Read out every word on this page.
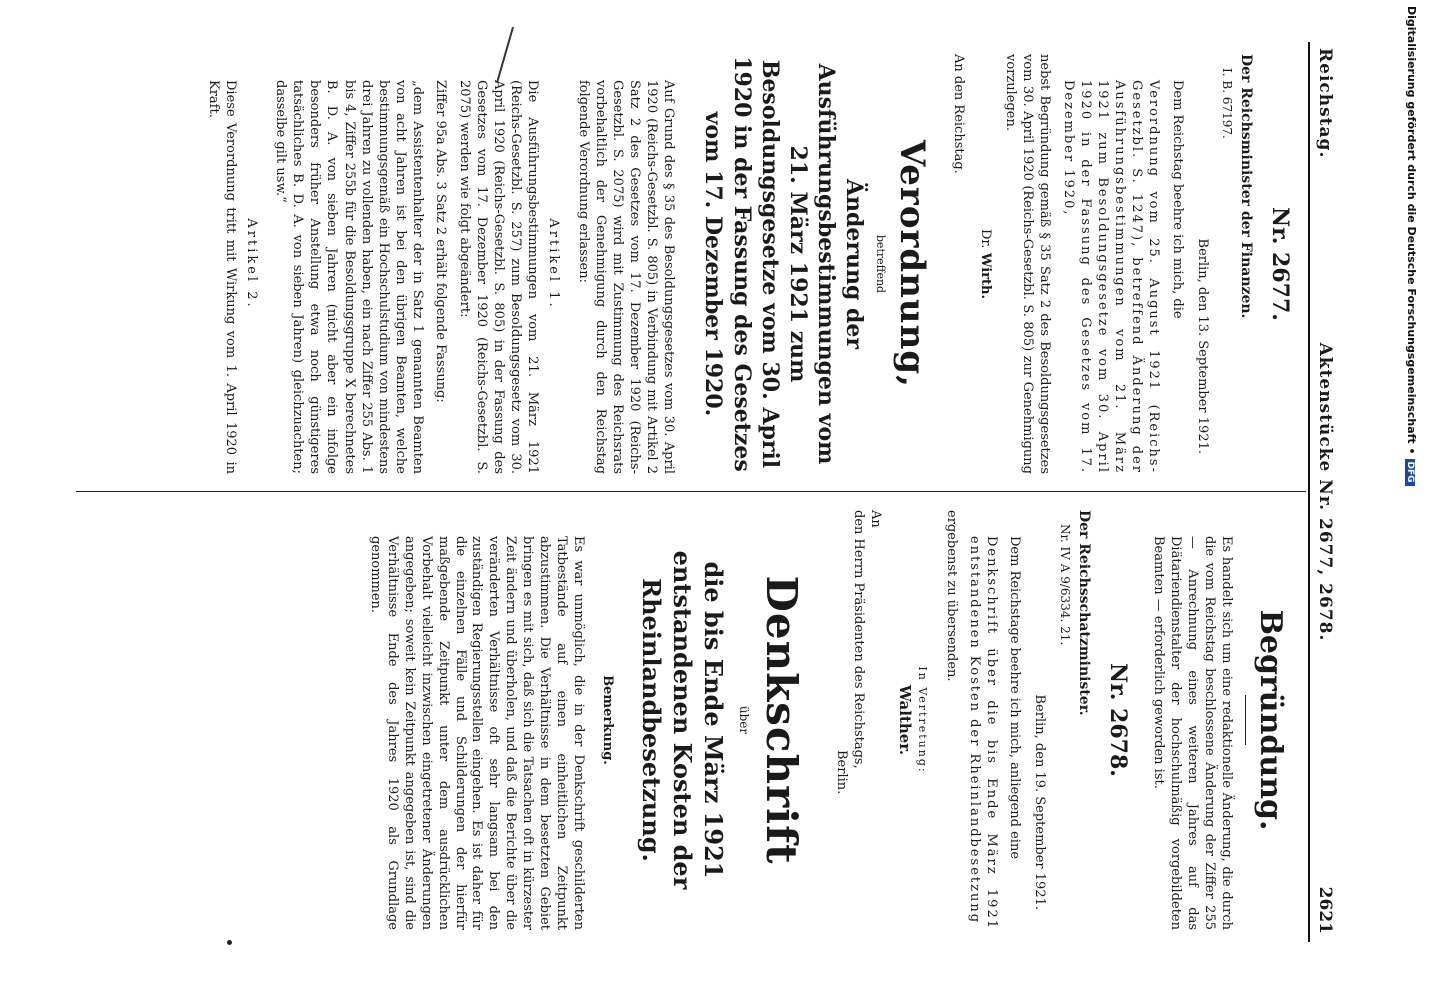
Reichstag.
Aktenstücke Nr. 2677, 2678.
2621
Nr. 2677.

Der Reichsminister der Finanzen.

I. B. 67197.

Berlin, den 13. September 1921.

Dem Reichstag beehre ich mich, die

Verordnung vom 25. August 1921 (Reichs-Gesetzbl. S. 1247), betreffend Änderung der Ausführungsbestimmungen vom 21. März 1921 zum Besoldungsgesetze vom 30. April 1920 in der Fassung des Gesetzes vom 17. Dezember 1920,

nebst Begründung gemäß § 35 Satz 2 des Besoldungsgesetzes vom 30. April 1920 (Reichs-Gesetzbl. S. 805) zur Genehmigung vorzulegen.

Dr. Wirth.

An den Reichstag.

Verordnung,
betreffend
Änderung der Ausführungsbestimmungen vom 21. März 1921 zum Besoldungsgesetze vom 30. April 1920 in der Fassung des Gesetzes vom 17. Dezember 1920.

Auf Grund des § 35 des Besoldungsgesetzes vom 30. April 1920 (Reichs-Gesetzbl. S. 805) in Verbindung mit Artikel 2 Satz 2 des Gesetzes vom 17. Dezember 1920 (Reichs-Gesetzbl. S. 2075) wird mit Zustimmung des Reichsrats vorbehaltlich der Genehmigung durch den Reichstag folgende Verordnung erlassen:

Artikel 1.

Die Ausführungsbestimmungen vom 21. März 1921 (Reichs-Gesetzbl. S. 257) zum Besoldungsgesetz vom 30. April 1920 (Reichs-Gesetzbl. S. 805) in der Fassung des Gesetzes vom 17. Dezember 1920 (Reichs-Gesetzbl. S. 2075) werden wie folgt abgeändert:

Ziffer 95a Abs. 3 Satz 2 erhält folgende Fassung:

„dem Assistentenhalter der in Satz 1 genannten Beamten von acht Jahren ist bei den übrigen Beamten, welche bestimmungsgemäß ein Hochschulstudium von mindestens drei Jahren zu vollenden haben, ein nach Ziffer 255 Abs. 1 bis 4, Ziffer 255b für die Besoldungsgruppe X berechnetes B. D. A. von sieben Jahren (nicht aber ein infolge besonders früher Anstellung etwa noch günstigeres tatsächliches B. D. A. von sieben Jahren) gleichzuachten; dasselbe gilt usw.“

Artikel 2.

Diese Verordnung tritt mit Wirkung vom 1. April 1920 in Kraft.

Begründung.

Es handelt sich um eine redaktionelle Änderung, die durch die vom Reichstag beschlossene Änderung der Ziffer 255 — Anrechnung eines weiteren Jahres auf das Diätariendienstalter der hochschulmäßig vorgebildeten Beamten — erforderlich geworden ist.

Nr. 2678.

Der Reichsschatzminister.

Nr. IV A 9/6334. 21.

Berlin, den 19. September 1921.

Dem Reichstage beehre ich mich, anliegend eine

Denkschrift über die bis Ende März 1921 entstandenen Kosten der Rheinlandbesetzung

ergebenst zu übersenden.

In Vertretung:
Walther.

An

den Herrn Präsidenten des Reichstags,

Berlin.

Denkschrift
über
die bis Ende März 1921 entstandenen Kosten der Rheinlandbesetzung.
Bemerkung.

Es war unmöglich, die in der Denkschrift geschilderten Tatbestände auf einen einheitlichen Zeitpunkt abzustimmen. Die Verhältnisse in dem besetzten Gebiet bringen es mit sich, daß sich die Tatsachen oft in kürzester Zeit ändern und überholen, und daß die Berichte über die veränderten Verhältnisse oft sehr langsam bei den zuständigen Regierungsstellen eingehen. Es ist daher für die einzelnen Fälle und Schilderungen der hierfür maßgebende Zeitpunkt unter dem ausdrücklichen Vorbehalt vielleicht inzwischen eingetretener Änderungen angegeben; soweit kein Zeitpunkt angegeben ist, sind die Verhältnisse Ende des Jahres 1920 als Grundlage genommen.

Digitalisierung gefördert durch die Deutsche Forschungsgemeinschaft •DFG
